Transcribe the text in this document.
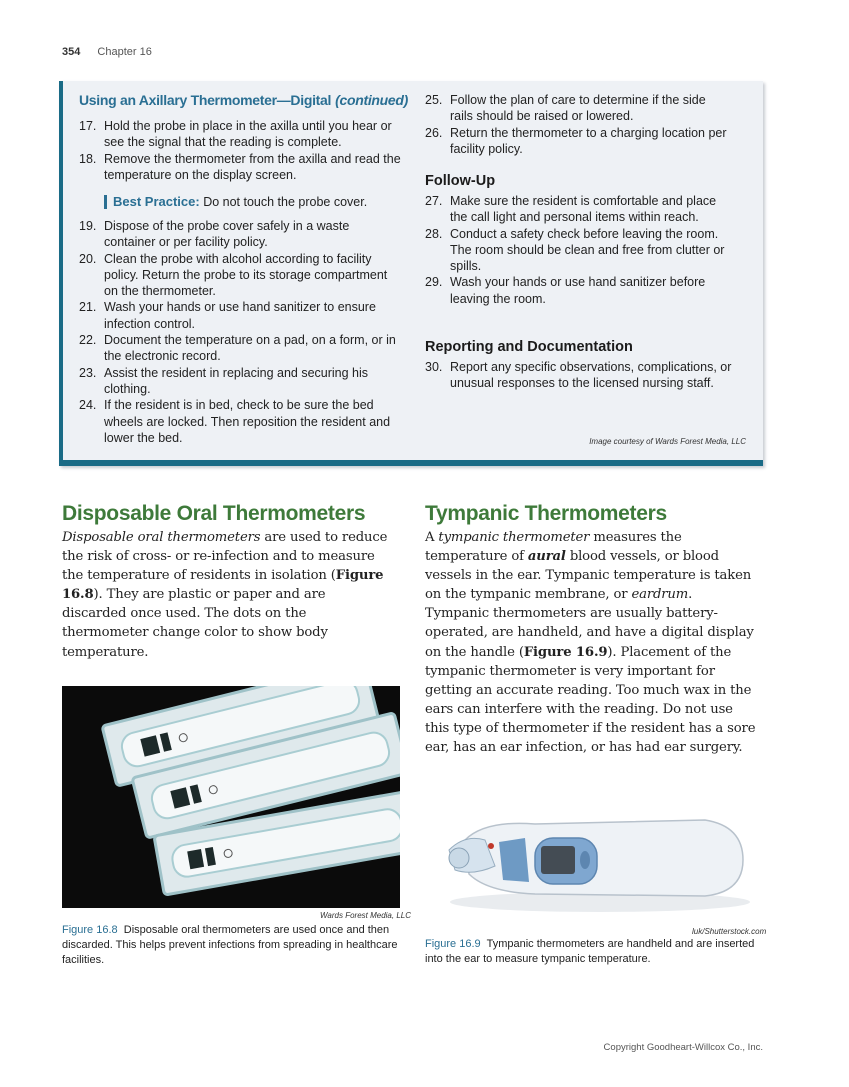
354 Chapter 16
Using an Axillary Thermometer—Digital (continued)
17. Hold the probe in place in the axilla until you hear or see the signal that the reading is complete.
18. Remove the thermometer from the axilla and read the temperature on the display screen.
Best Practice: Do not touch the probe cover.
19. Dispose of the probe cover safely in a waste container or per facility policy.
20. Clean the probe with alcohol according to facility policy. Return the probe to its storage compartment on the thermometer.
21. Wash your hands or use hand sanitizer to ensure infection control.
22. Document the temperature on a pad, on a form, or in the electronic record.
23. Assist the resident in replacing and securing his clothing.
24. If the resident is in bed, check to be sure the bed wheels are locked. Then reposition the resident and lower the bed.
25. Follow the plan of care to determine if the side rails should be raised or lowered.
26. Return the thermometer to a charging location per facility policy.
Follow-Up
27. Make sure the resident is comfortable and place the call light and personal items within reach.
28. Conduct a safety check before leaving the room. The room should be clean and free from clutter or spills.
29. Wash your hands or use hand sanitizer before leaving the room.
Reporting and Documentation
30. Report any specific observations, complications, or unusual responses to the licensed nursing staff.
Image courtesy of Wards Forest Media, LLC
Disposable Oral Thermometers
Disposable oral thermometers are used to reduce the risk of cross- or re-infection and to measure the temperature of residents in isolation (Figure 16.8). They are plastic or paper and are discarded once used. The dots on the thermometer change color to show body temperature.
Tympanic Thermometers
A tympanic thermometer measures the temperature of aural blood vessels, or blood vessels in the ear. Tympanic temperature is taken on the tympanic membrane, or eardrum. Tympanic thermometers are usually battery-operated, are handheld, and have a digital display on the handle (Figure 16.9). Placement of the tympanic thermometer is very important for getting an accurate reading. Too much wax in the ears can interfere with the reading. Do not use this type of thermometer if the resident has a sore ear, has an ear infection, or has had ear surgery.
Wards Forest Media, LLC
Figure 16.8 Disposable oral thermometers are used once and then discarded. This helps prevent infections from spreading in healthcare facilities.
luk/Shutterstock.com
Figure 16.9 Tympanic thermometers are handheld and are inserted into the ear to measure tympanic temperature.
Copyright Goodheart-Willcox Co., Inc.
